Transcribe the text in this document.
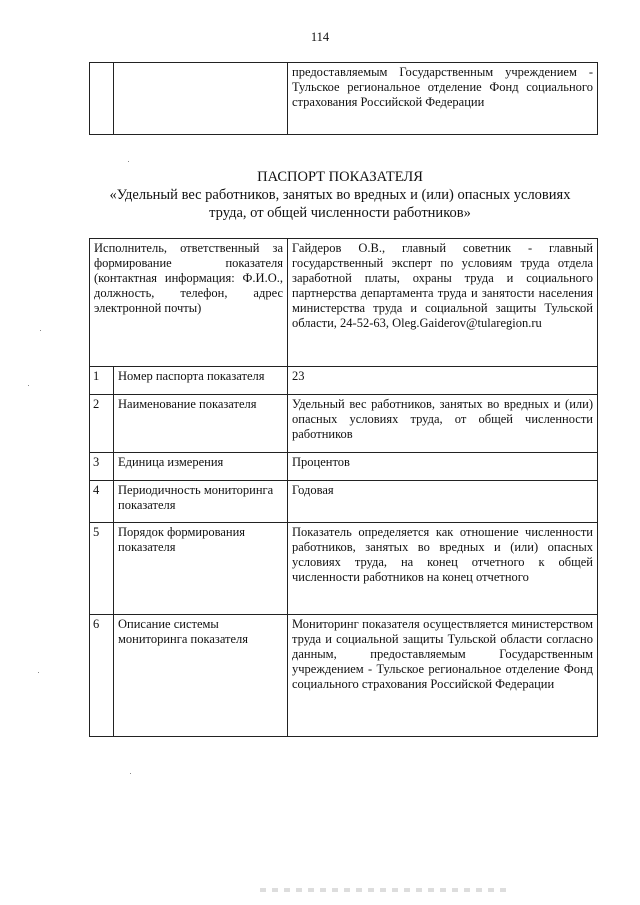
114
		предоставляемым Государственным учреждением - Тульское региональное отделение Фонд социального страхования Российской Федерации
ПАСПОРТ ПОКАЗАТЕЛЯ
«Удельный вес работников, занятых во вредных и (или) опасных условиях
труда, от общей численности работников»
Исполнитель, ответственный за формирование показателя (контактная информация: Ф.И.О., должность, телефон, адрес электронной почты)		Гайдеров О.В., главный советник - главный государственный эксперт по условиям труда отдела заработной платы, охраны труда и социального партнерства департамента труда и занятости населения министерства труда и социальной защиты Тульской области, 24-52-63, Oleg.Gaiderov@tularegion.ru
1	Номер паспорта показателя	23
2	Наименование показателя	Удельный вес работников, занятых во вредных и (или) опасных условиях труда, от общей численности работников
3	Единица измерения	Процентов
4	Периодичность мониторинга показателя	Годовая
5	Порядок формирования показателя	Показатель определяется как отношение численности работников, занятых во вредных и (или) опасных условиях труда, на конец отчетного к общей численности работников на конец отчетного
6	Описание системы мониторинга показателя	Мониторинг показателя осуществляется министерством труда и социальной защиты Тульской области согласно данным, предоставляемым Государственным учреждением - Тульское региональное отделение Фонд социального страхования Российской Федерации
